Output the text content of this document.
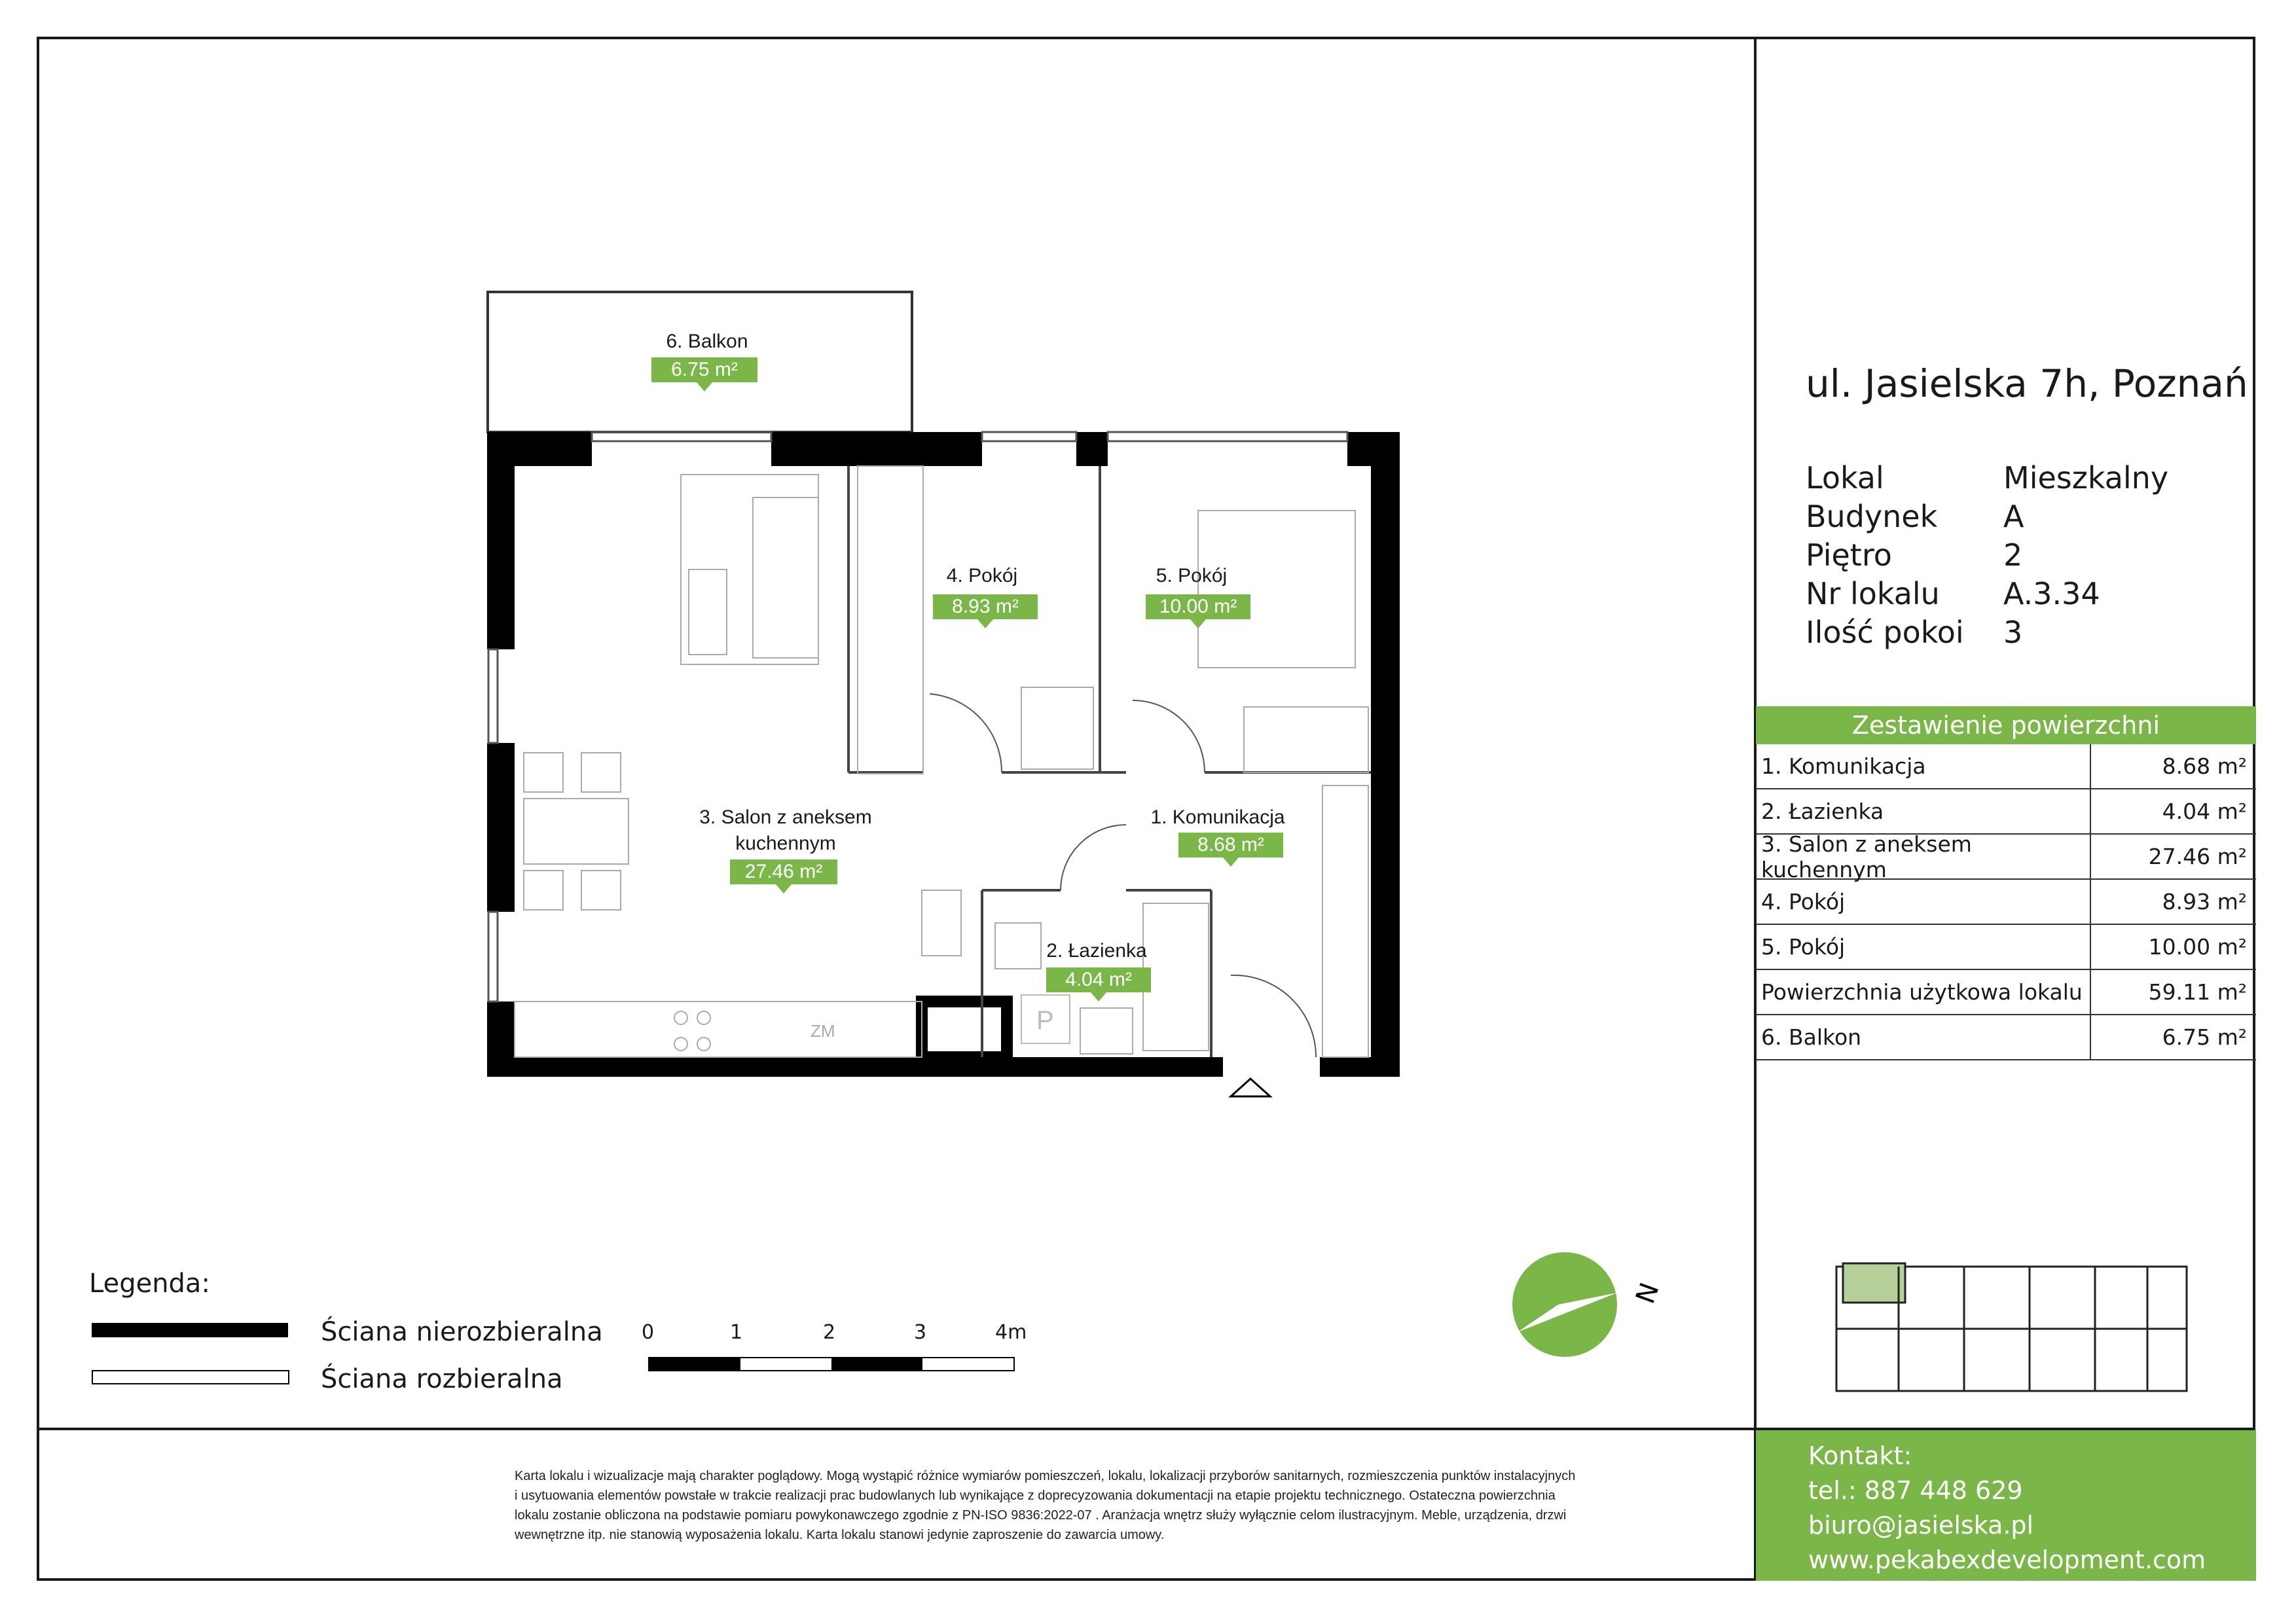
P
ZM
N
6. Balkon
6.75 m²
4. Pokój
8.93 m²
5. Pokój
10.00 m²
3. Salon z aneksem
kuchennym
27.46 m²
1. Komunikacja
8.68 m²
2. Łazienka
4.04 m²
ul. Jasielska 7h, Poznań
Lokal	Mieszkalny
Budynek	A
Piętro	2
Nr lokalu	A.3.34
Ilość pokoi	3
Zestawienie powierzchni
1. Komunikacja	8.68 m²
2. Łazienka	4.04 m²
3. Salon z aneksem kuchennym	27.46 m²
4. Pokój	8.93 m²
5. Pokój	10.00 m²
Powierzchnia użytkowa lokalu	59.11 m²
6. Balkon	6.75 m²
Legenda:
Ściana nierozbieralna
Ściana rozbieralna
0	1	2	3	4m
Karta lokalu i wizualizacje mają charakter poglądowy. Mogą wystąpić różnice wymiarów pomieszczeń, lokalu, lokalizacji przyborów sanitarnych, rozmieszczenia punktów instalacyjnych
i usytuowania elementów powstałe w trakcie realizacji prac budowlanych lub wynikające z doprecyzowania dokumentacji na etapie projektu technicznego. Ostateczna powierzchnia
lokalu zostanie obliczona na podstawie pomiaru powykonawczego zgodnie z PN-ISO 9836:2022-07 . Aranżacja wnętrz służy wyłącznie celom ilustracyjnym. Meble, urządzenia, drzwi
wewnętrzne itp. nie stanowią wyposażenia lokalu. Karta lokalu stanowi jedynie zaproszenie do zawarcia umowy.
Kontakt:
tel.: 887 448 629
biuro@jasielska.pl
www.pekabexdevelopment.com
